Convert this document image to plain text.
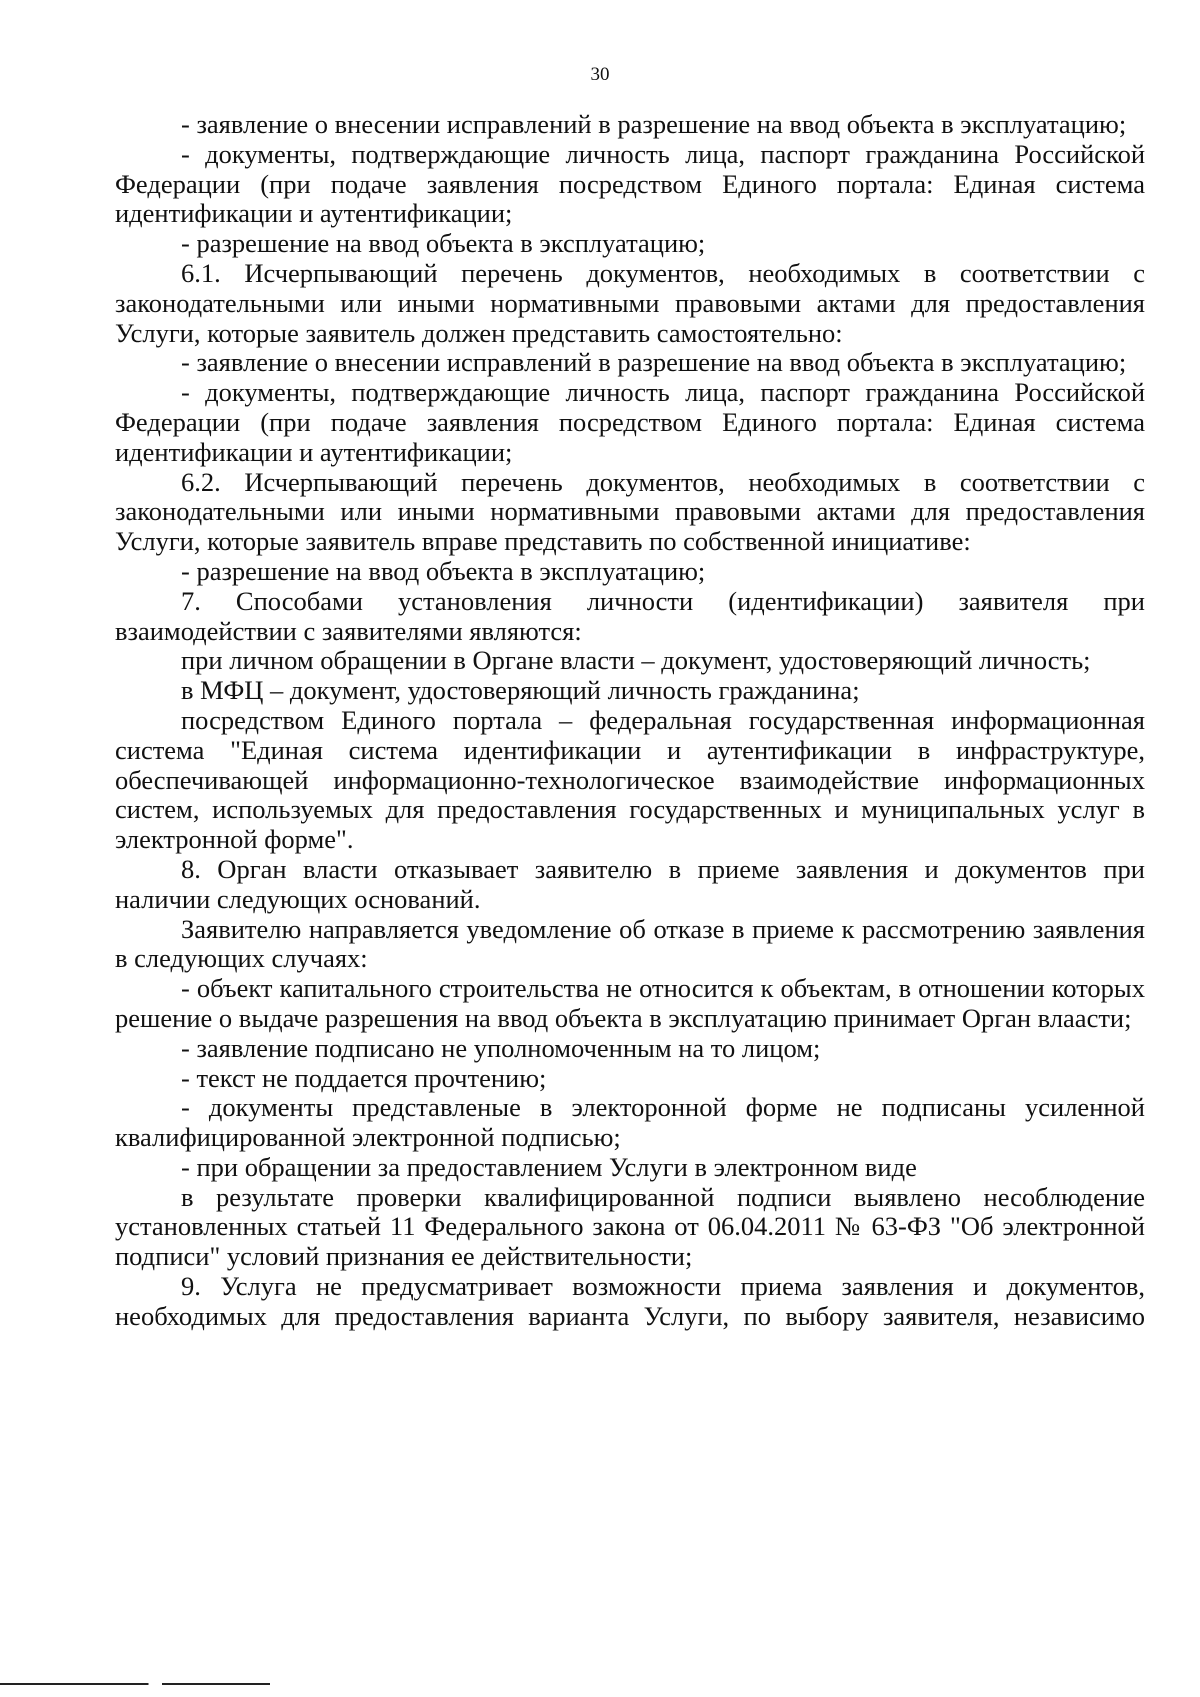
30

- заявление о внесении исправлений в разрешение на ввод объекта в эксплуатацию;

- документы, подтверждающие личность лица, паспорт гражданина Российской Федерации (при подаче заявления посредством Единого портала: Единая система идентификации и аутентификации;

- разрешение на ввод объекта в эксплуатацию;

6.1. Исчерпывающий перечень документов, необходимых в соответствии с законодательными или иными нормативными правовыми актами для предоставления Услуги, которые заявитель должен представить самостоятельно:

- заявление о внесении исправлений в разрешение на ввод объекта в эксплуатацию;

- документы, подтверждающие личность лица, паспорт гражданина Российской Федерации (при подаче заявления посредством Единого портала: Единая система идентификации и аутентификации;

6.2. Исчерпывающий перечень документов, необходимых в соответствии с законодательными или иными нормативными правовыми актами для предоставления Услуги, которые заявитель вправе представить по собственной инициативе:

- разрешение на ввод объекта в эксплуатацию;

7. Способами установления личности (идентификации) заявителя при взаимодействии с заявителями являются:

при личном обращении в Органе власти – документ, удостоверяющий личность;

в МФЦ – документ, удостоверяющий личность гражданина;

посредством Единого портала – федеральная государственная информационная система "Единая система идентификации и аутентификации в инфраструктуре, обеспечивающей информационно-технологическое взаимодействие информационных систем, используемых для предоставления государственных и муниципальных услуг в электронной форме".

8. Орган власти отказывает заявителю в приеме заявления и документов при наличии следующих оснований.

Заявителю направляется уведомление об отказе в приеме к рассмотрению заявления в следующих случаях:

- объект капитального строительства не относится к объектам, в отношении которых решение о выдаче разрешения на ввод объекта в эксплуатацию принимает Орган влаасти;

- заявление подписано не уполномоченным на то лицом;

- текст не поддается прочтению;

- документы представленые в электоронной форме не подписаны усиленной квалифицированной электронной подписью;

- при обращении за предоставлением Услуги в электронном виде

в результате проверки квалифицированной подписи выявлено несоблюдение установленных статьей 11 Федерального закона от 06.04.2011 № 63-ФЗ "Об электронной подписи" условий признания ее действительности;

9. Услуга не предусматривает возможности приема заявления и документов, необходимых для предоставления варианта Услуги, по выбору заявителя, независимо
